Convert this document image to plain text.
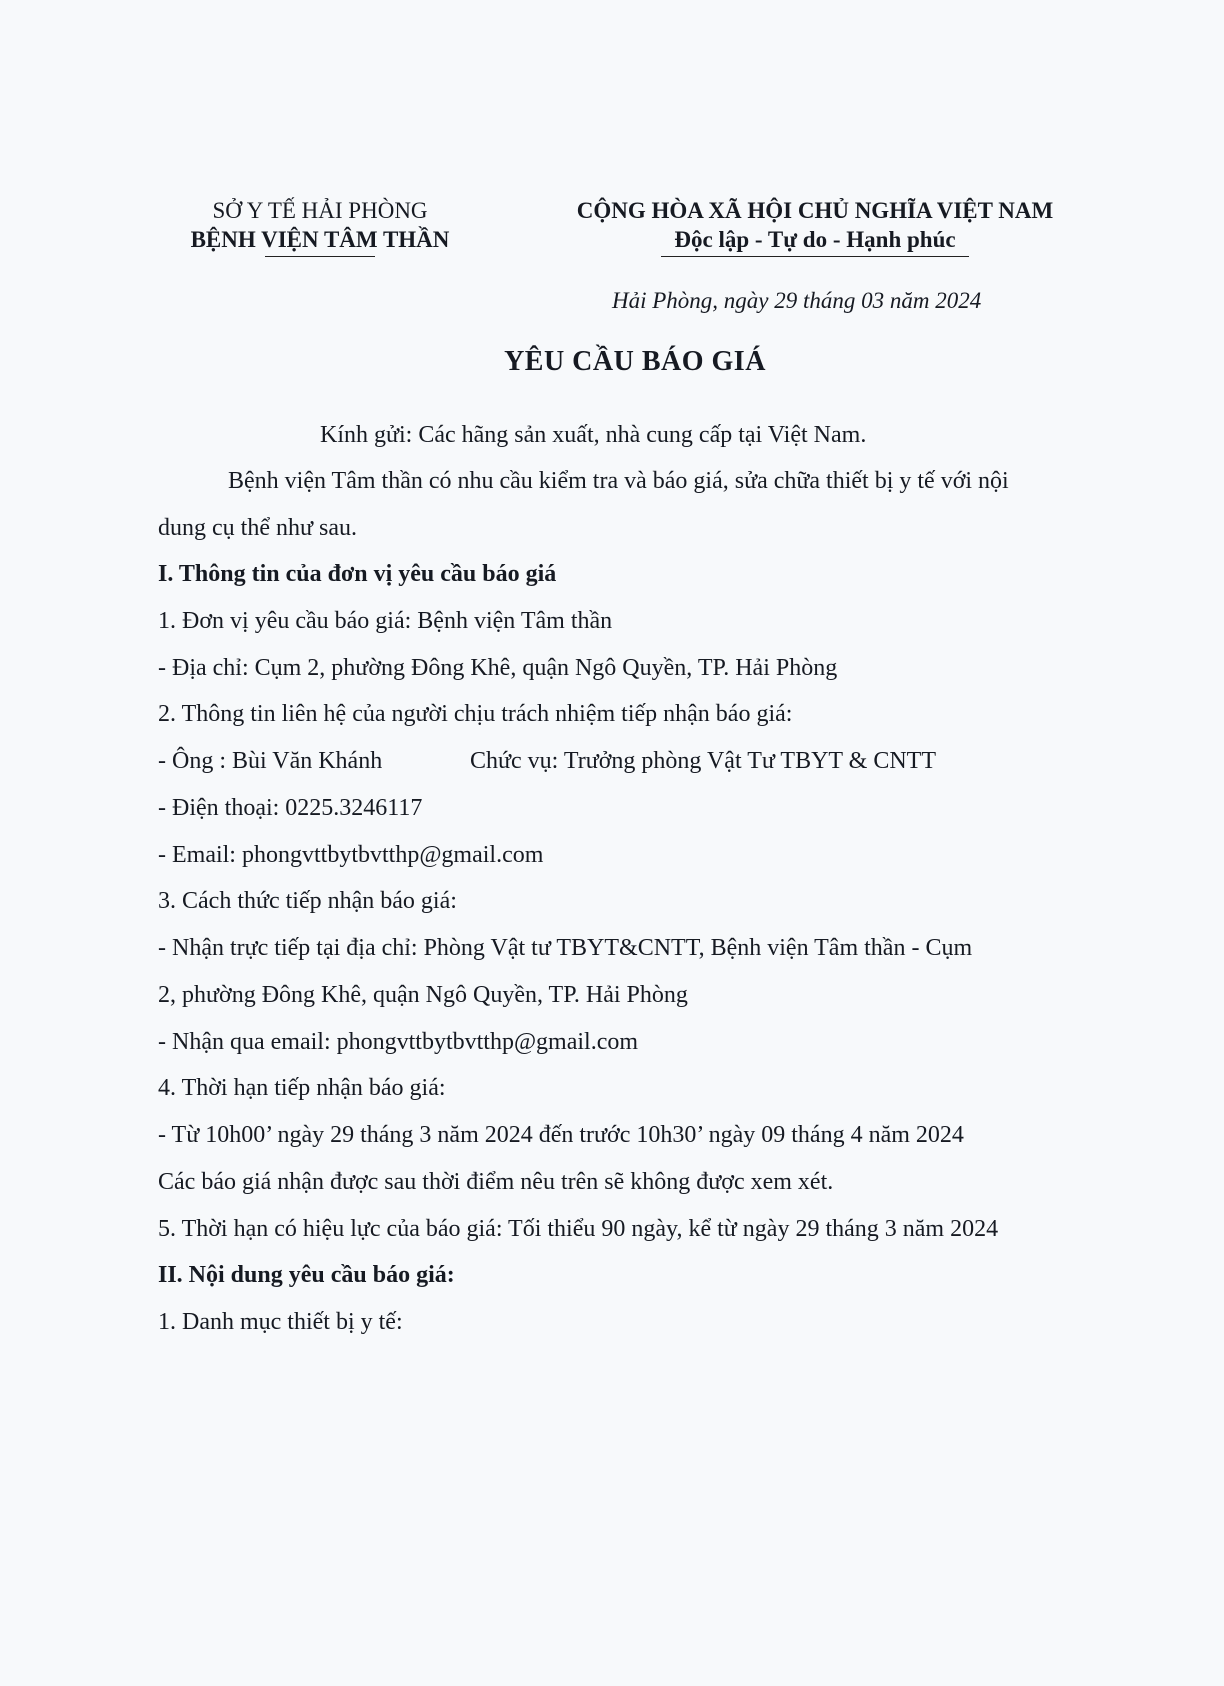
SỞ Y TẾ HẢI PHÒNG
BỆNH VIỆN TÂM THẦN
CỘNG HÒA XÃ HỘI CHỦ NGHĨA VIỆT NAM
Độc lập - Tự do - Hạnh phúc
Hải Phòng, ngày 29 tháng 03 năm 2024
YÊU CẦU BÁO GIÁ
Kính gửi: Các hãng sản xuất, nhà cung cấp tại Việt Nam.
Bệnh viện Tâm thần có nhu cầu kiểm tra và báo giá, sửa chữa thiết bị y tế với nội
dung cụ thể như sau.
I. Thông tin của đơn vị yêu cầu báo giá
1. Đơn vị yêu cầu báo giá: Bệnh viện Tâm thần
- Địa chỉ: Cụm 2, phường Đông Khê, quận Ngô Quyền, TP. Hải Phòng
2. Thông tin liên hệ của người chịu trách nhiệm tiếp nhận báo giá:
- Ông : Bùi Văn Khánh	Chức vụ: Trưởng phòng Vật Tư TBYT & CNTT
- Điện thoại: 0225.3246117
- Email: phongvttbytbvtthp@gmail.com
3. Cách thức tiếp nhận báo giá:
- Nhận trực tiếp tại địa chỉ: Phòng Vật tư TBYT&CNTT, Bệnh viện Tâm thần - Cụm
2, phường Đông Khê, quận Ngô Quyền, TP. Hải Phòng
- Nhận qua email: phongvttbytbvtthp@gmail.com
4. Thời hạn tiếp nhận báo giá:
- Từ 10h00’ ngày 29 tháng 3 năm 2024 đến trước 10h30’ ngày 09 tháng 4 năm 2024
Các báo giá nhận được sau thời điểm nêu trên sẽ không được xem xét.
5. Thời hạn có hiệu lực của báo giá: Tối thiểu 90 ngày, kể từ ngày 29 tháng 3 năm 2024
II. Nội dung yêu cầu báo giá:
1. Danh mục thiết bị y tế:
